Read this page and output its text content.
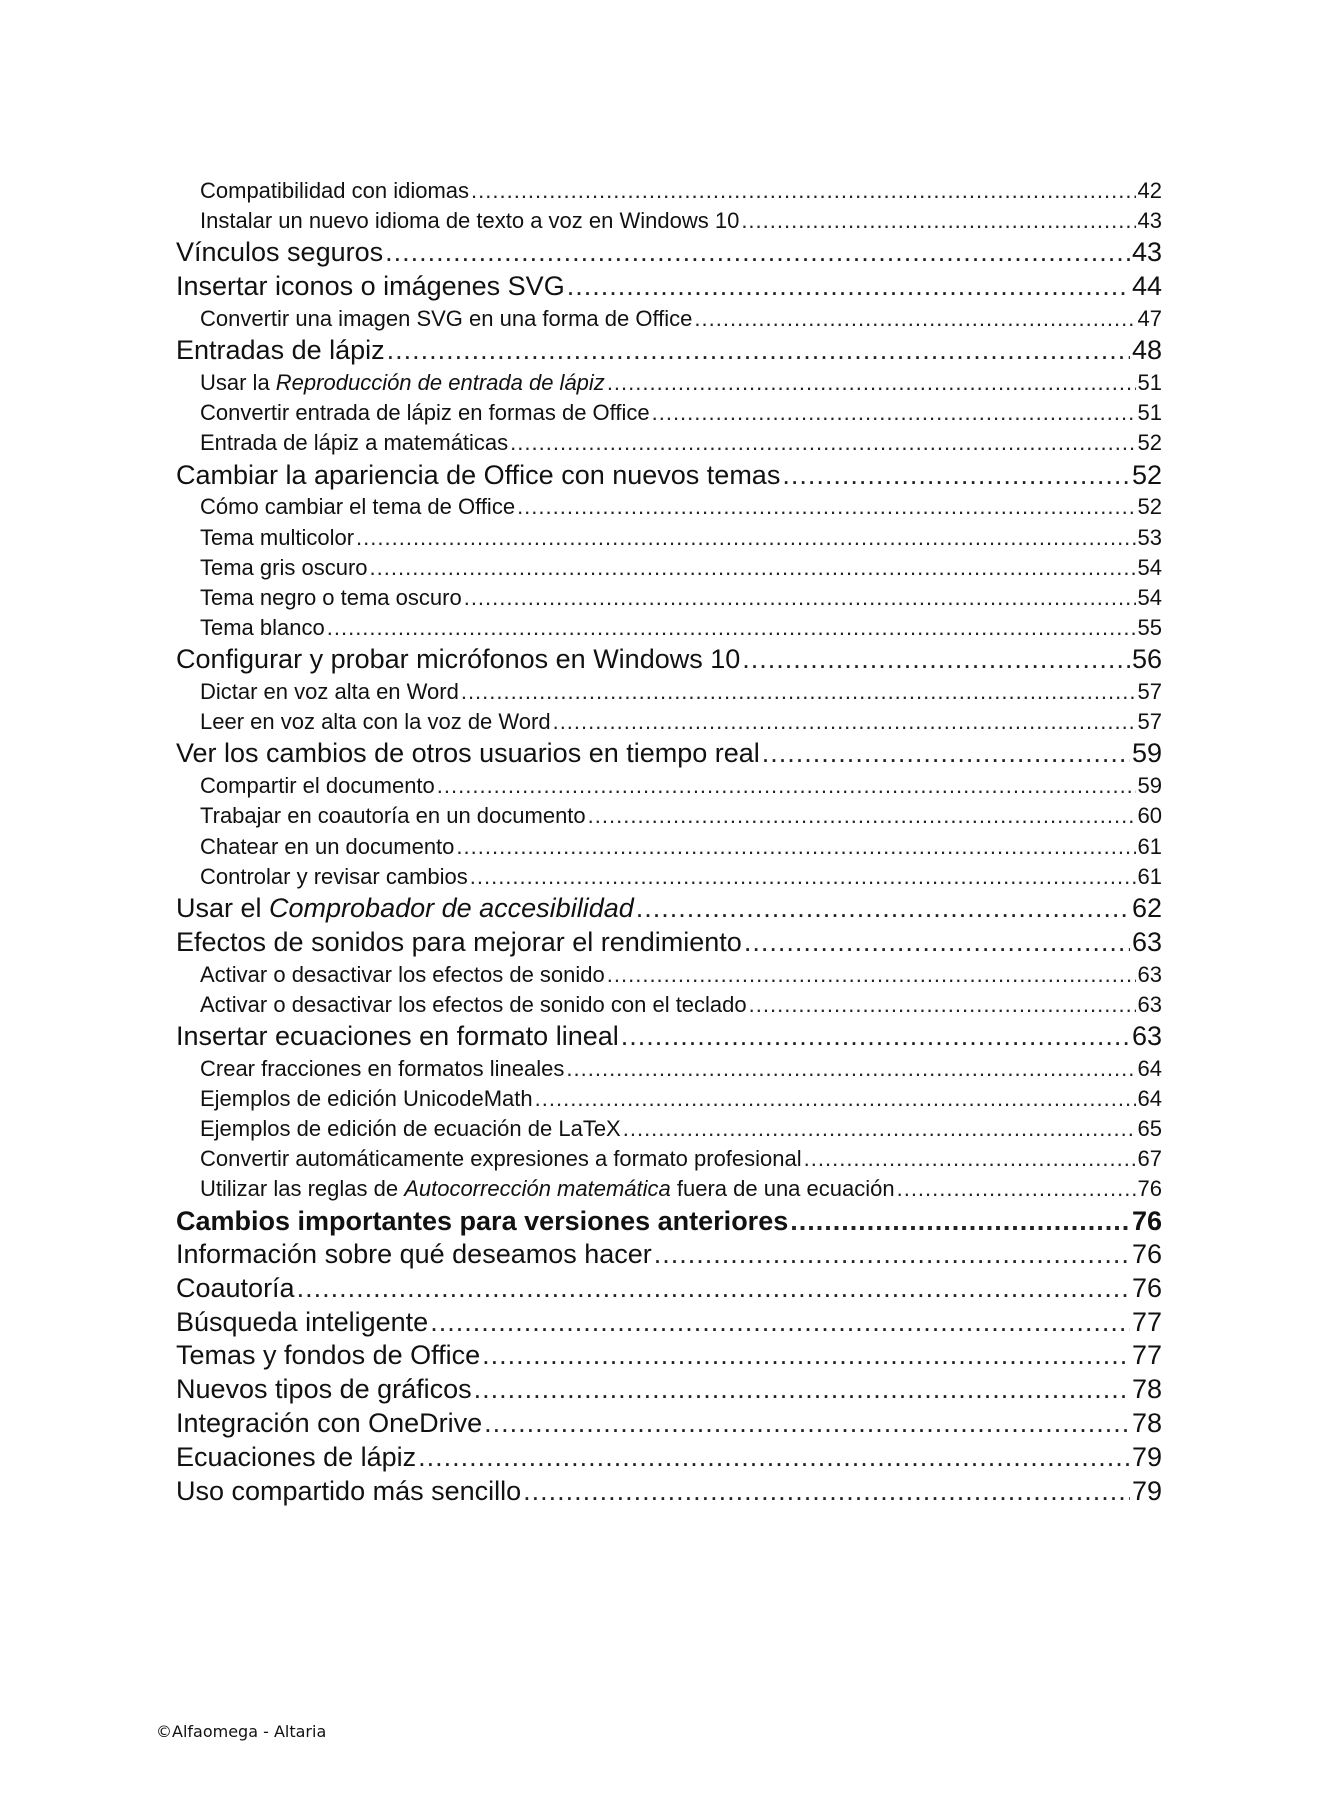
Compatibilidad con idiomas .....	42
Instalar un nuevo idioma de texto a voz en Windows 10 .....	43
Vínculos seguros .....	43
Insertar iconos o imágenes SVG .....	44
Convertir una imagen SVG en una forma de Office .....	47
Entradas de lápiz .....	48
Usar la Reproducción de entrada de lápiz .....	51
Convertir entrada de lápiz en formas de Office .....	51
Entrada de lápiz a matemáticas .....	52
Cambiar la apariencia de Office con nuevos temas .....	52
Cómo cambiar el tema de Office .....	52
Tema multicolor .....	53
Tema gris oscuro .....	54
Tema negro o tema oscuro .....	54
Tema blanco .....	55
Configurar y probar micrófonos en Windows 10 .....	56
Dictar en voz alta en Word .....	57
Leer en voz alta con la voz de Word .....	57
Ver los cambios de otros usuarios en tiempo real .....	59
Compartir el documento .....	59
Trabajar en coautoría en un documento .....	60
Chatear en un documento .....	61
Controlar y revisar cambios .....	61
Usar el Comprobador de accesibilidad .....	62
Efectos de sonidos para mejorar el rendimiento .....	63
Activar o desactivar los efectos de sonido .....	63
Activar o desactivar los efectos de sonido con el teclado .....	63
Insertar ecuaciones en formato lineal .....	63
Crear fracciones en formatos lineales .....	64
Ejemplos de edición UnicodeMath .....	64
Ejemplos de edición de ecuación de LaTeX .....	65
Convertir automáticamente expresiones a formato profesional .....	67
Utilizar las reglas de Autocorrección matemática fuera de una ecuación .....	76
Cambios importantes para versiones anteriores .....	76
Información sobre qué deseamos hacer .....	76
Coautoría .....	76
Búsqueda inteligente .....	77
Temas y fondos de Office .....	77
Nuevos tipos de gráficos .....	78
Integración con OneDrive .....	78
Ecuaciones de lápiz .....	79
Uso compartido más sencillo .....	79
©Alfaomega - Altaria
